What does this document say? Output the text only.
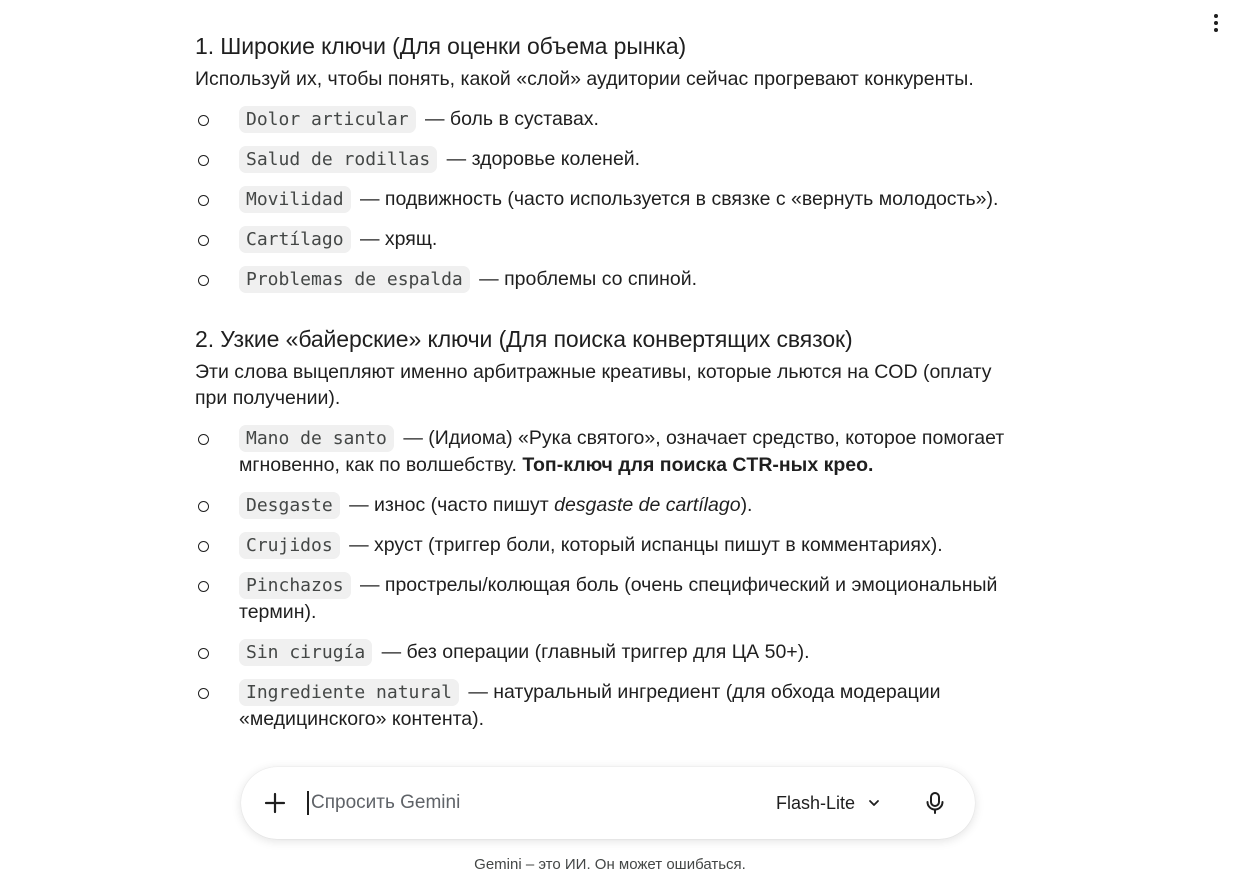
1. Широкие ключи (Для оценки объема рынка)

Используй их, чтобы понять, какой «слой» аудитории сейчас прогревают конкуренты.

Dolor articular — боль в суставах.
Salud de rodillas — здоровье коленей.
Movilidad — подвижность (часто используется в связке с «вернуть молодость»).
Cartílago — хрящ.
Problemas de espalda — проблемы со спиной.
2. Узкие «байерские» ключи (Для поиска конвертящих связок)

Эти слова выцепляют именно арбитражные креативы, которые льются на COD (оплату при получении).

Mano de santo — (Идиома) «Рука святого», означает средство, которое помогает мгновенно, как по волшебству. Топ-ключ для поиска CTR-ных крео.
Desgaste — износ (часто пишут desgaste de cartílago).
Crujidos — хруст (триггер боли, который испанцы пишут в комментариях).
Pinchazos — прострелы/колющая боль (очень специфический и эмоциональный термин).
Sin cirugía — без операции (главный триггер для ЦА 50+).
Ingrediente natural — натуральный ингредиент (для обхода модерации «медицинского» контента).
Спросить Gemini
Flash-Lite
Gemini – это ИИ. Он может ошибаться.
